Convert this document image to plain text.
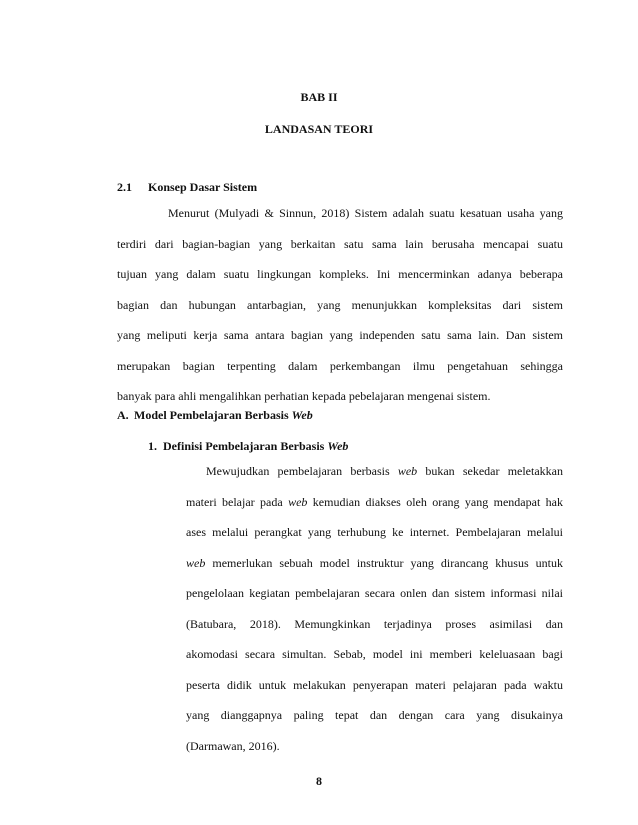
BAB II
LANDASAN TEORI
2.1 Konsep Dasar Sistem
Menurut (Mulyadi & Sinnun, 2018) Sistem adalah suatu kesatuan usaha yang
terdiri dari bagian-bagian yang berkaitan satu sama lain berusaha mencapai suatu
tujuan yang dalam suatu lingkungan kompleks. Ini mencerminkan adanya beberapa
bagian dan hubungan antarbagian, yang menunjukkan kompleksitas dari sistem
yang meliputi kerja sama antara bagian yang independen satu sama lain. Dan sistem
merupakan bagian terpenting dalam perkembangan ilmu pengetahuan sehingga
banyak para ahli mengalihkan perhatian kepada pebelajaran mengenai sistem.
A. Model Pembelajaran Berbasis Web
1. Definisi Pembelajaran Berbasis Web
Mewujudkan pembelajaran berbasis web bukan sekedar meletakkan
materi belajar pada web kemudian diakses oleh orang yang mendapat hak
ases melalui perangkat yang terhubung ke internet. Pembelajaran melalui
web memerlukan sebuah model instruktur yang dirancang khusus untuk
pengelolaan kegiatan pembelajaran secara onlen dan sistem informasi nilai
(Batubara, 2018). Memungkinkan terjadinya proses asimilasi dan
akomodasi secara simultan. Sebab, model ini memberi keleluasaan bagi
peserta didik untuk melakukan penyerapan materi pelajaran pada waktu
yang dianggapnya paling tepat dan dengan cara yang disukainya
(Darmawan, 2016).
8
